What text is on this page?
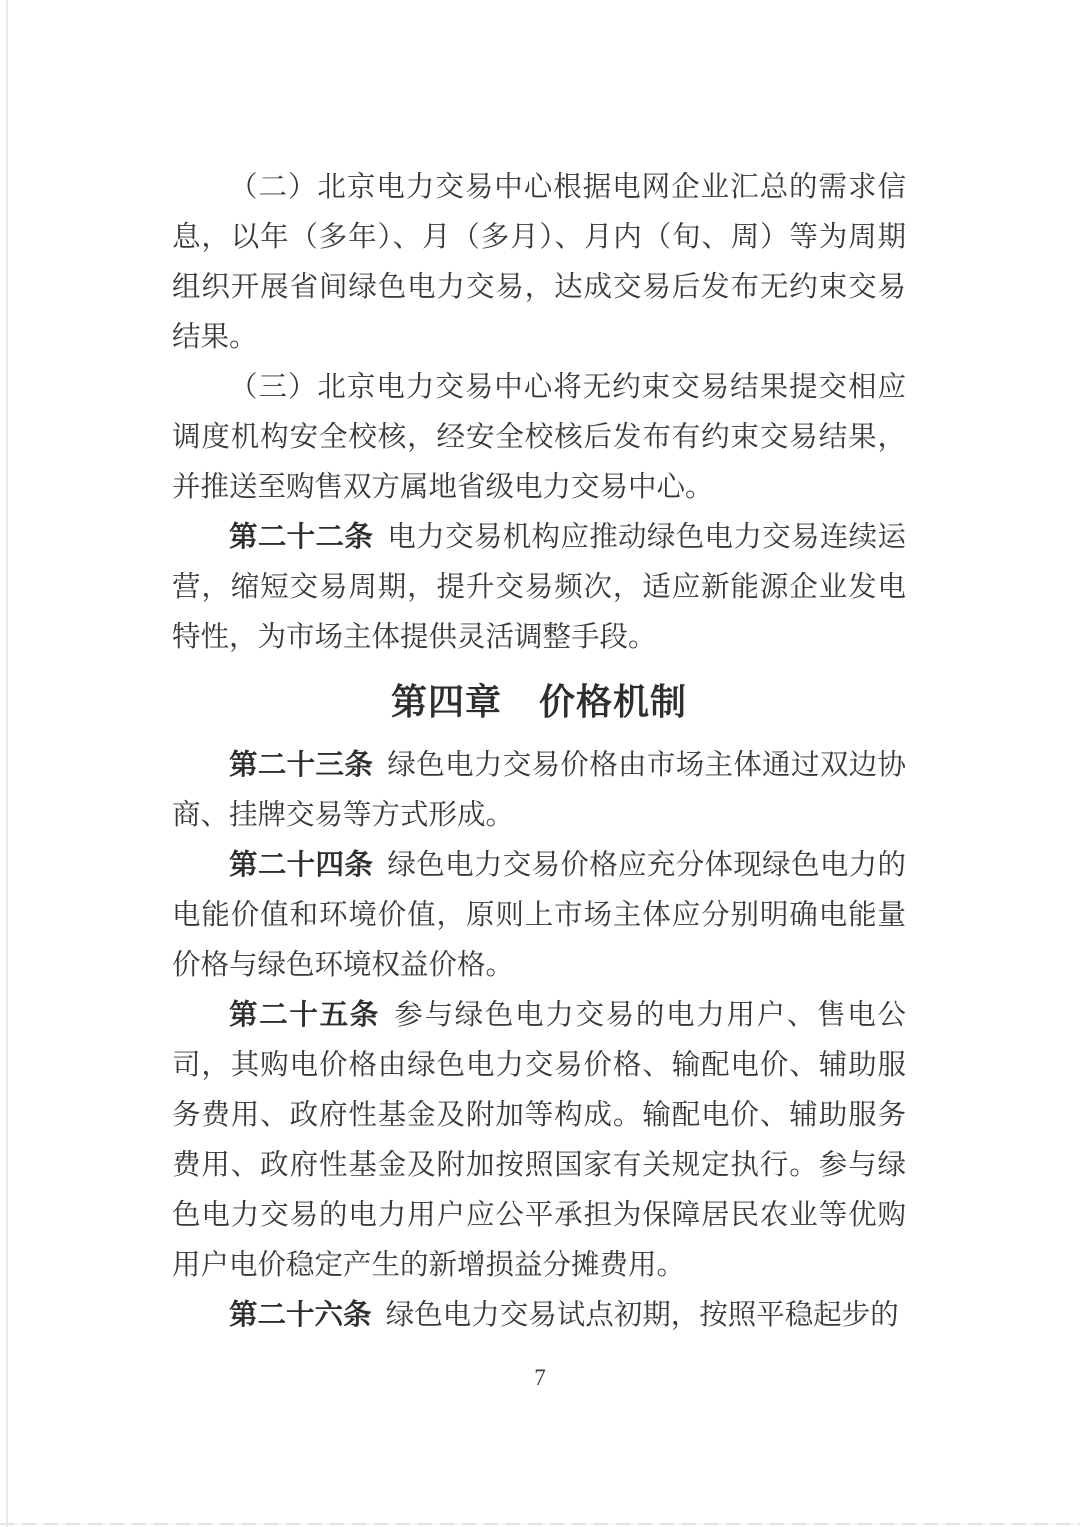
（二）北京电力交易中心根据电网企业汇总的需求信息，以年（多年）、月（多月）、月内（旬、周）等为周期组织开展省间绿色电力交易，达成交易后发布无约束交易结果。

（三）北京电力交易中心将无约束交易结果提交相应调度机构安全校核，经安全校核后发布有约束交易结果，并推送至购售双方属地省级电力交易中心。

第二十二条 电力交易机构应推动绿色电力交易连续运营，缩短交易周期，提升交易频次，适应新能源企业发电特性，为市场主体提供灵活调整手段。

第四章　价格机制

第二十三条 绿色电力交易价格由市场主体通过双边协商、挂牌交易等方式形成。

第二十四条 绿色电力交易价格应充分体现绿色电力的电能价值和环境价值，原则上市场主体应分别明确电能量价格与绿色环境权益价格。

第二十五条 参与绿色电力交易的电力用户、售电公司，其购电价格由绿色电力交易价格、输配电价、辅助服务费用、政府性基金及附加等构成。输配电价、辅助服务费用、政府性基金及附加按照国家有关规定执行。参与绿色电力交易的电力用户应公平承担为保障居民农业等优购用户电价稳定产生的新增损益分摊费用。

第二十六条 绿色电力交易试点初期，按照平稳起步的

7
